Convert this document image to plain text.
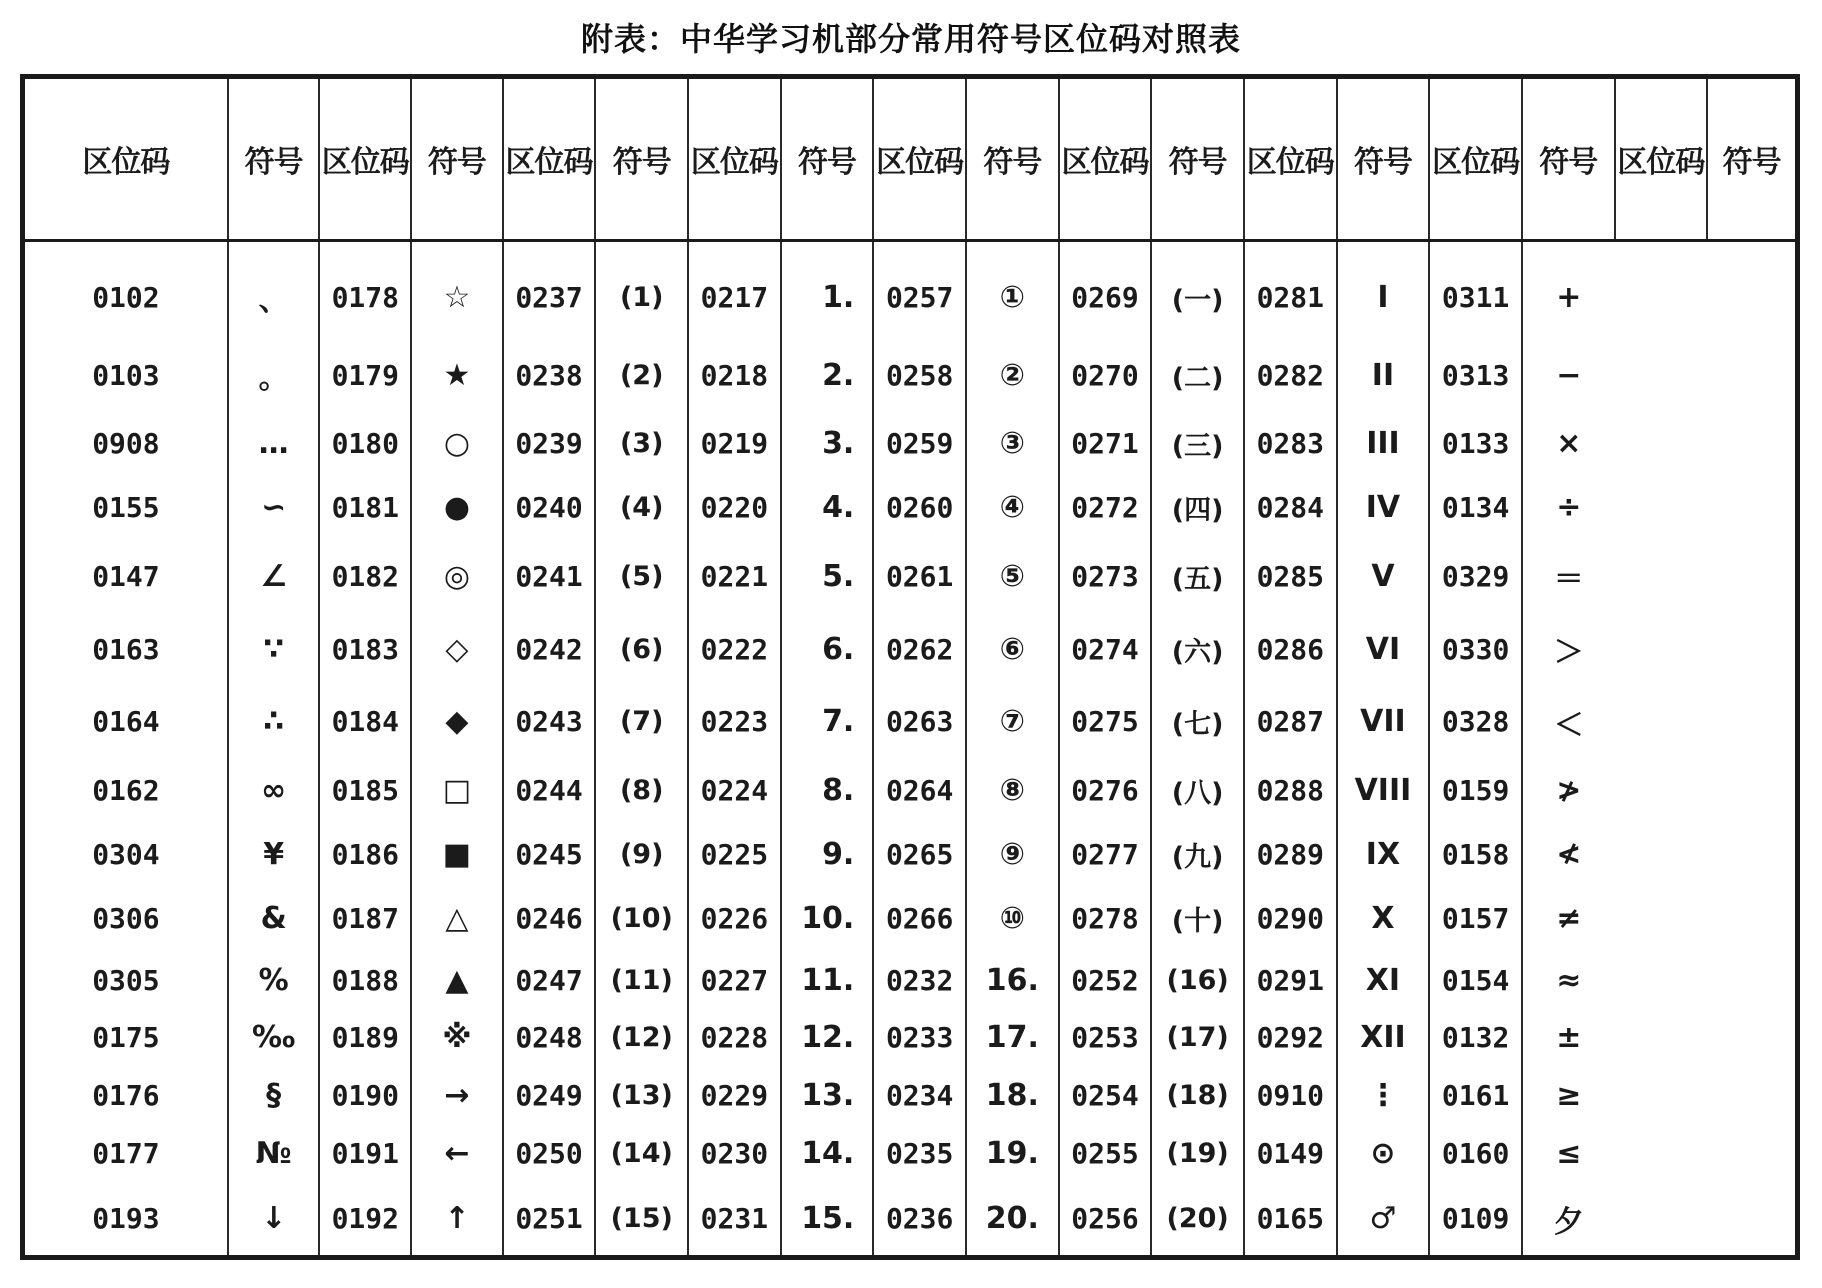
附表：中华学习机部分常用符号区位码对照表
区位码	符号	区位码	符号	区位码	符号	区位码	符号	区位码	符号	区位码	符号	区位码	符号	区位码	符号	区位码	符号
0102	、	0178	☆	0237	(1)	0217	1.	0257	①	0269	(一)	0281	I	0311	+		
0103	。	0179	★	0238	(2)	0218	2.	0258	②	0270	(二)	0282	II	0313	−		
0908	…	0180	○	0239	(3)	0219	3.	0259	③	0271	(三)	0283	III	0133	×		
0155	∽	0181	●	0240	(4)	0220	4.	0260	④	0272	(四)	0284	IV	0134	÷		
0147	∠	0182	◎	0241	(5)	0221	5.	0261	⑤	0273	(五)	0285	V	0329	＝		
0163	∵	0183	◇	0242	(6)	0222	6.	0262	⑥	0274	(六)	0286	VI	0330	＞		
0164	∴	0184	◆	0243	(7)	0223	7.	0263	⑦	0275	(七)	0287	VII	0328	＜		
0162	∞	0185	□	0244	(8)	0224	8.	0264	⑧	0276	(八)	0288	VIII	0159	≯		
0304	¥	0186	■	0245	(9)	0225	9.	0265	⑨	0277	(九)	0289	IX	0158	≮		
0306	&	0187	△	0246	(10)	0226	10.	0266	⑩	0278	(十)	0290	X	0157	≠		
0305	%	0188	▲	0247	(11)	0227	11.	0232	16.	0252	(16)	0291	XI	0154	≈		
0175	‰	0189	※	0248	(12)	0228	12.	0233	17.	0253	(17)	0292	XII	0132	±		
0176	§	0190	→	0249	(13)	0229	13.	0234	18.	0254	(18)	0910	⋮	0161	≥		
0177	№	0191	←	0250	(14)	0230	14.	0235	19.	0255	(19)	0149	⊙	0160	≤		
0193	↓	0192	↑	0251	(15)	0231	15.	0236	20.	0256	(20)	0165	♂	0109	夕		
